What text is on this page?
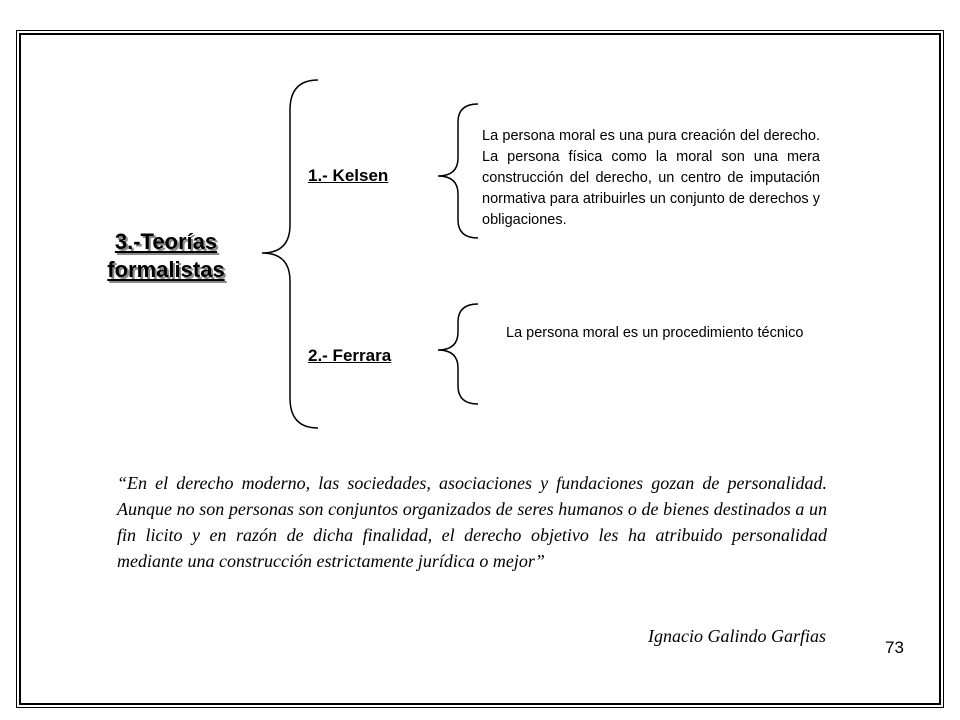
3.-Teorías formalistas
1.- Kelsen
La persona moral es una pura creación del derecho. La persona física como la moral son una mera construcción del derecho, un centro de imputación normativa para atribuirles un conjunto de derechos y obligaciones.
2.- Ferrara
La persona moral es un procedimiento técnico
“En el derecho moderno, las sociedades, asociaciones y fundaciones gozan de personalidad. Aunque no son personas son conjuntos organizados de seres humanos o de bienes destinados a un fin licito y en razón de dicha finalidad, el derecho objetivo les ha atribuido personalidad mediante una construcción estrictamente jurídica o mejor”
Ignacio Galindo Garfias
73
